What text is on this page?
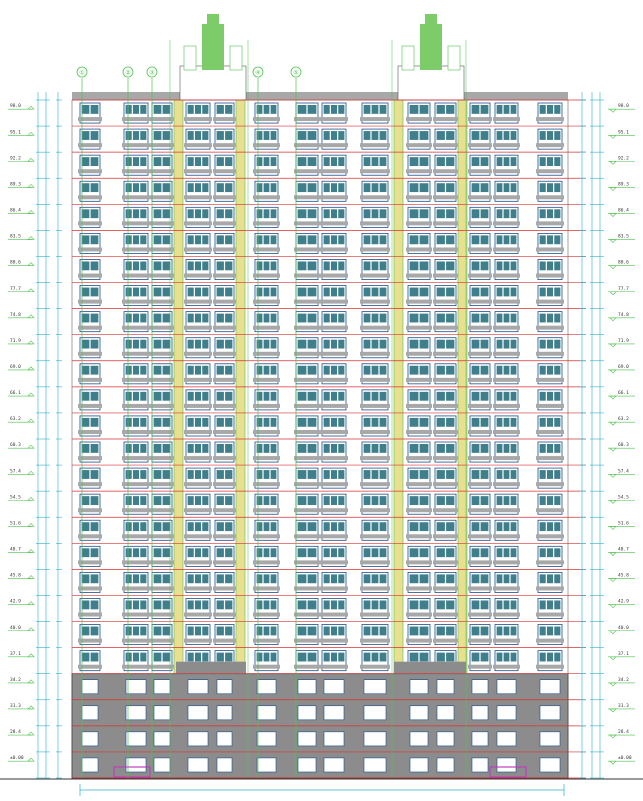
①	②	③	④	⑤
98.0	98.0
95.1	95.1
92.2	92.2
89.3	89.3
86.4	86.4
83.5	83.5
80.6	80.6
77.7	77.7
74.8	74.8
71.9	71.9
69.0	69.0
66.1	66.1
63.2	63.2
60.3	60.3
57.4	57.4
54.5	54.5
51.6	51.6
48.7	48.7
45.8	45.8
42.9	42.9
40.0	40.0
37.1	37.1
34.2	34.2
31.3	31.3
28.4	28.4
±0.00	±0.00
